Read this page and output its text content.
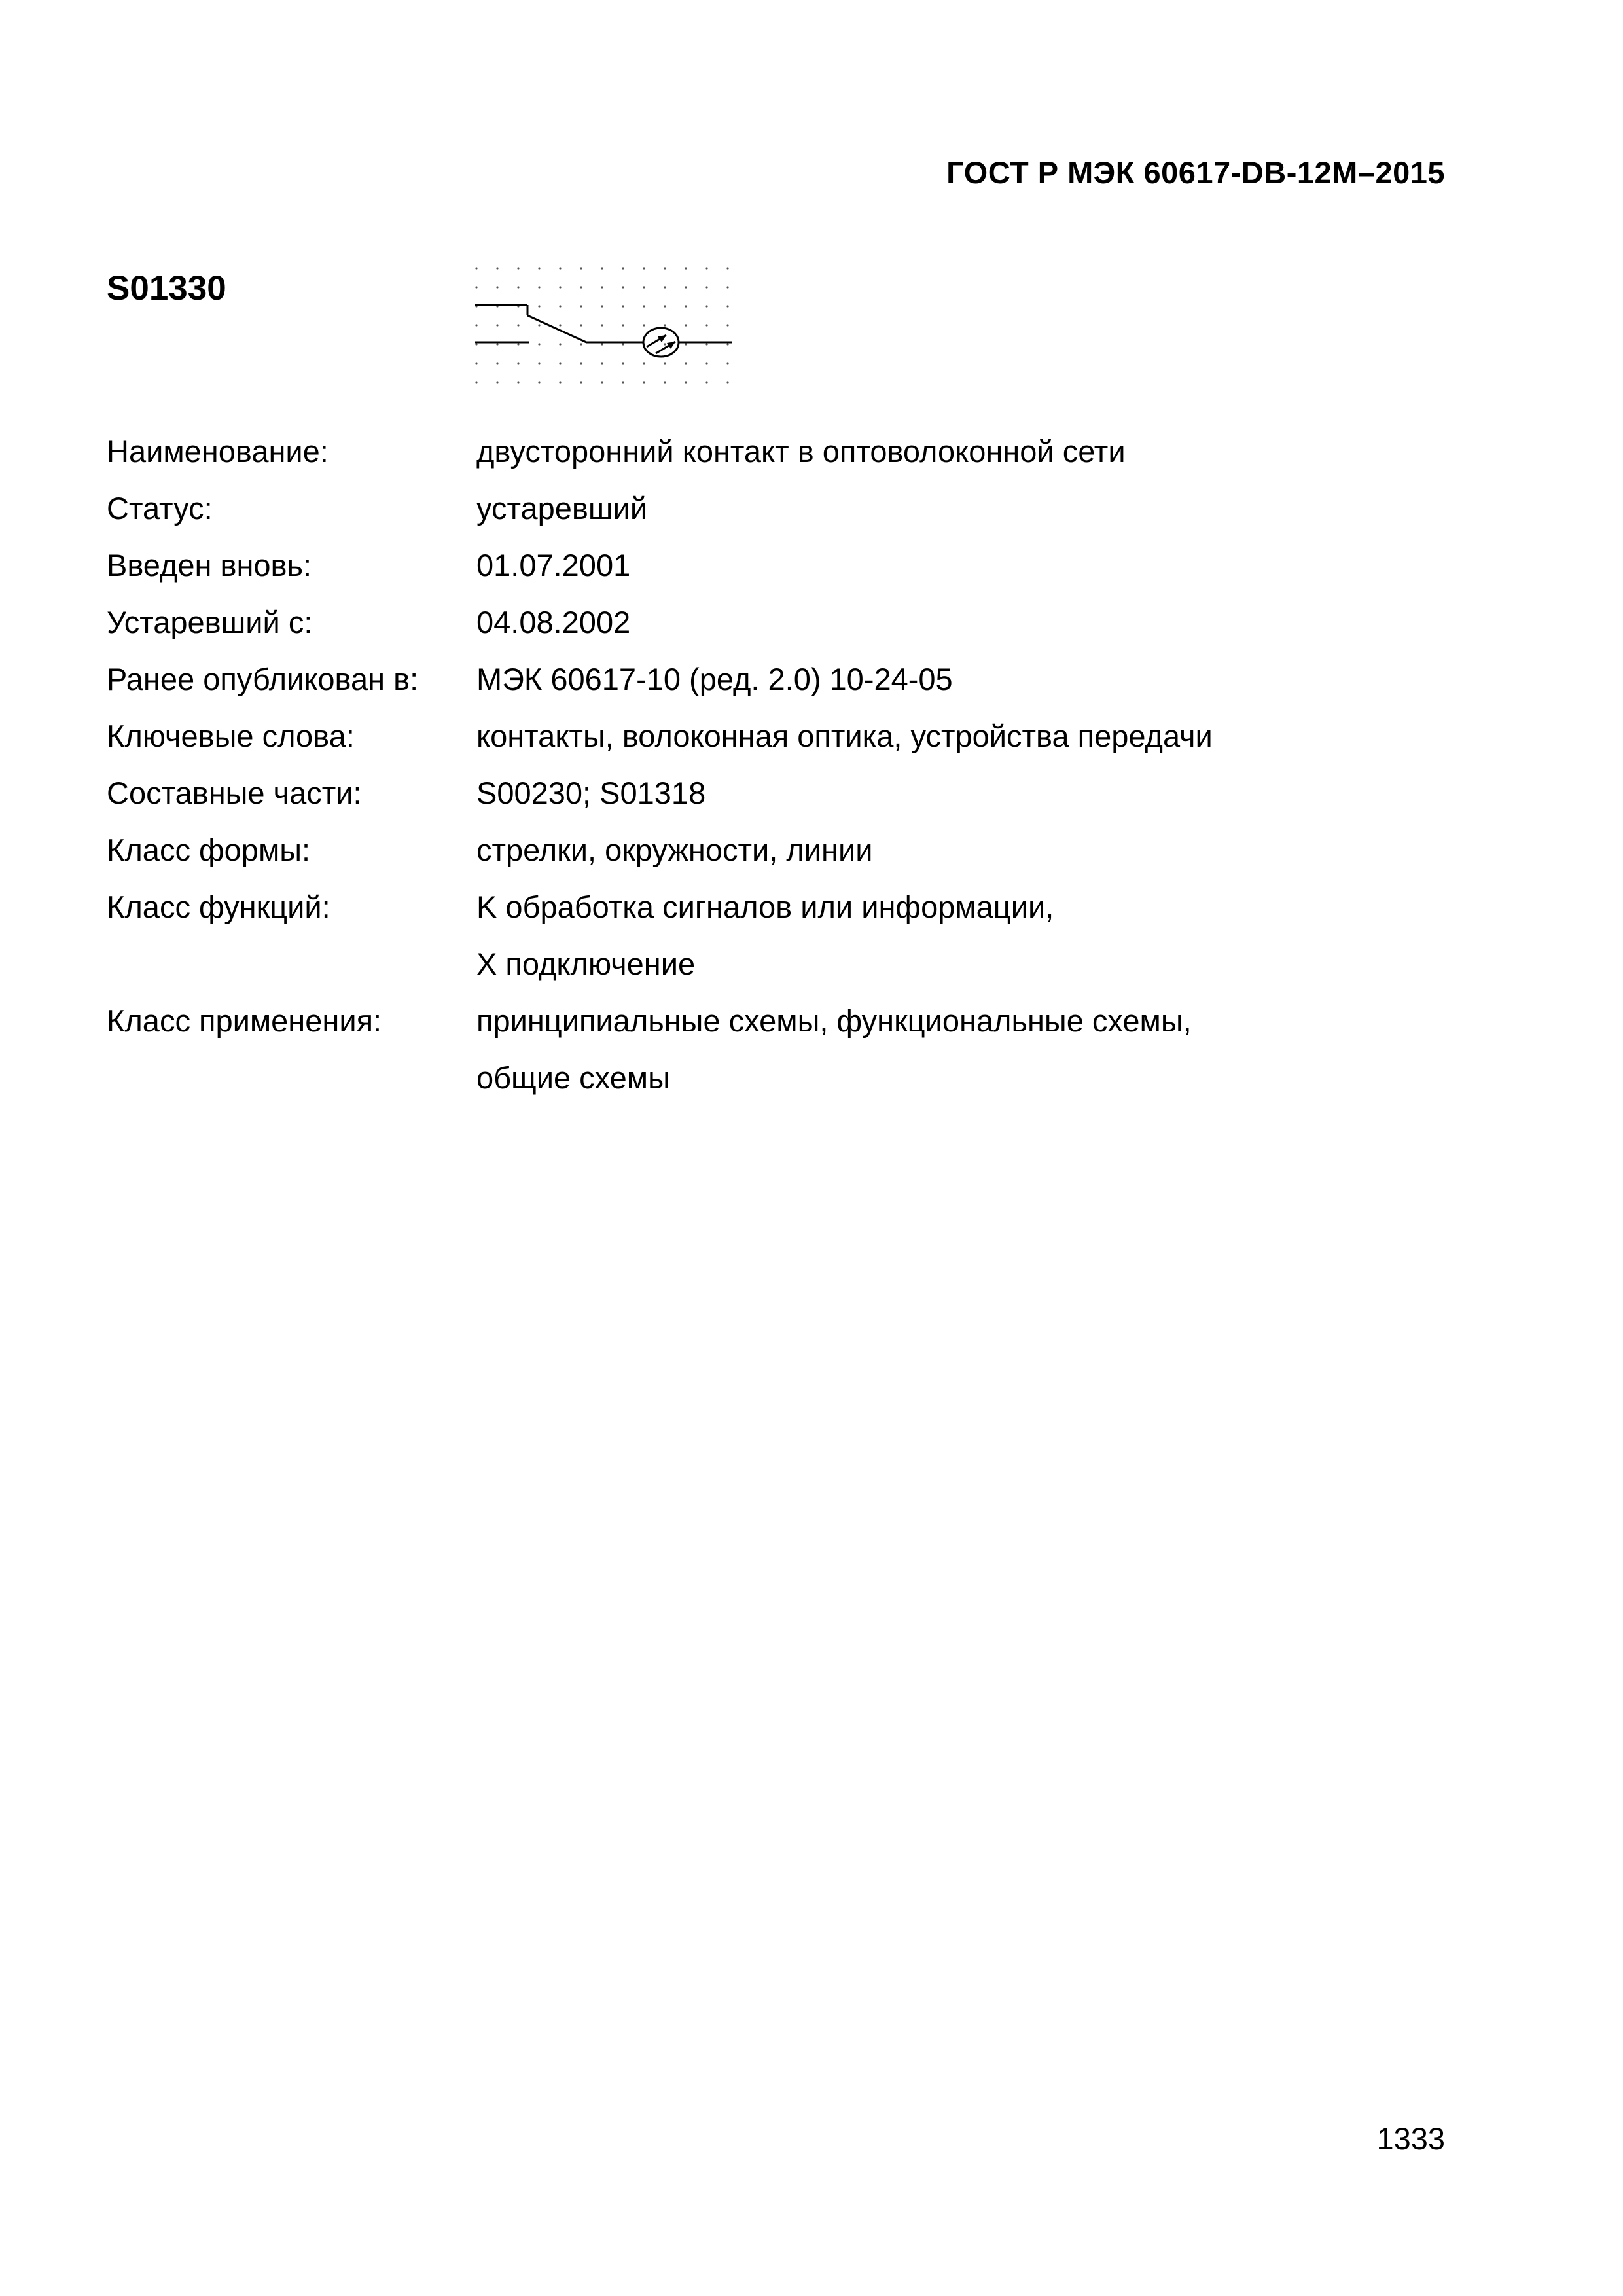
ГОСТ Р МЭК 60617-DB-12M–2015
S01330
Наименование:	двусторонний контакт в оптоволоконной сети
Статус:	устаревший
Введен вновь:	01.07.2001
Устаревший с:	04.08.2002
Ранее опубликован в:	МЭК 60617-10 (ред. 2.0) 10-24-05
Ключевые слова:	контакты, волоконная оптика, устройства передачи
Составные части:	S00230; S01318
Класс формы:	стрелки, окружности, линии
Класс функций:	K обработка сигналов или информации,
X подключение
Класс применения:	принципиальные схемы, функциональные схемы,
общие схемы
1333
